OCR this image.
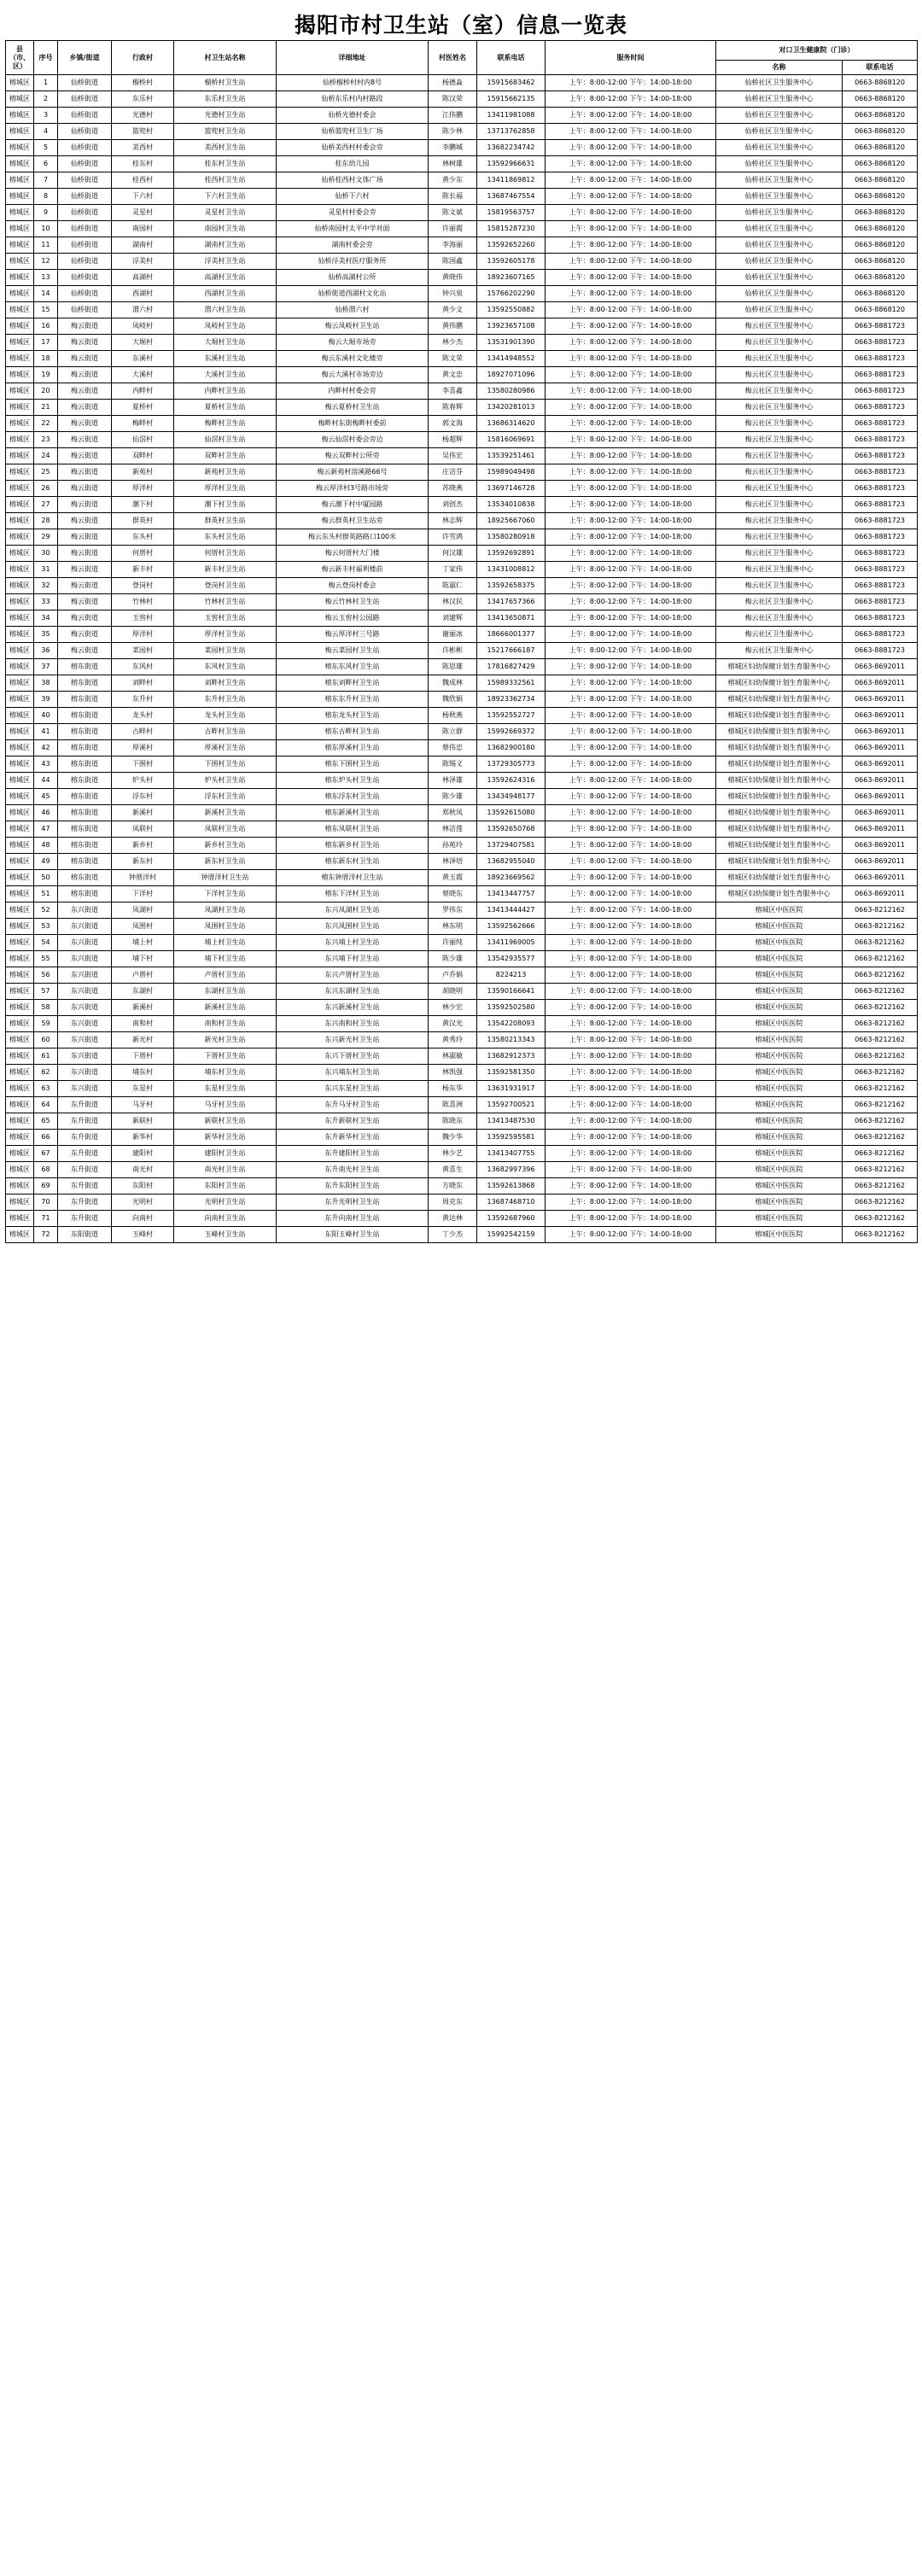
揭阳市村卫生站（室）信息一览表
县（市、区）	序号	乡镇/街道	行政村	村卫生站名称	详细地址	村医姓名	联系电话	服务时间	对口卫生健康院（门诊）	
									名称	联系电话
榕城区	1	仙桥街道	榴桥村	榴桥村卫生站	仙桥榴桥村村内8号	杨德淼	15915683462	上午：8:00-12:00 下午：14:00-18:00	仙桥社区卫生服务中心	0663-8868120
榕城区	2	仙桥街道	东乐村	东乐村卫生站	仙桥东乐村内村路段	陈汉荣	15915662135	上午：8:00-12:00 下午：14:00-18:00	仙桥社区卫生服务中心	0663-8868120
榕城区	3	仙桥街道	光德村	光德村卫生站	仙桥光德村委会	江伟鹏	13411981088	上午：8:00-12:00 下午：14:00-18:00	仙桥社区卫生服务中心	0663-8868120
榕城区	4	仙桥街道	篮兜村	篮兜村卫生站	仙桥篮兜村卫生厂场	陈少林	13713762858	上午：8:00-12:00 下午：14:00-18:00	仙桥社区卫生服务中心	0663-8868120
榕城区	5	仙桥街道	美西村	美西村卫生站	仙桥美西村村委会旁	李鹏城	13682234742	上午：8:00-12:00 下午：14:00-18:00	仙桥社区卫生服务中心	0663-8868120
榕城区	6	仙桥街道	桂东村	桂东村卫生站	桂东幼儿园	林树雄	13592966631	上午：8:00-12:00 下午：14:00-18:00	仙桥社区卫生服务中心	0663-8868120
榕城区	7	仙桥街道	桂西村	桂西村卫生站	仙桥桂西村文体广场	黄少东	13411869812	上午：8:00-12:00 下午：14:00-18:00	仙桥社区卫生服务中心	0663-8868120
榕城区	8	仙桥街道	下六村	下六村卫生站	仙桥下六村	陈长福	13687467554	上午：8:00-12:00 下午：14:00-18:00	仙桥社区卫生服务中心	0663-8868120
榕城区	9	仙桥街道	灵星村	灵星村卫生站	灵星村村委会旁	陈文斌	15819563757	上午：8:00-12:00 下午：14:00-18:00	仙桥社区卫生服务中心	0663-8868120
榕城区	10	仙桥街道	南园村	南园村卫生站	仙桥南园村太平中学对面	许丽霞	15815287230	上午：8:00-12:00 下午：14:00-18:00	仙桥社区卫生服务中心	0663-8868120
榕城区	11	仙桥街道	湖南村	湖南村卫生站	湖南村委会旁	李海丽	13592652260	上午：8:00-12:00 下午：14:00-18:00	仙桥社区卫生服务中心	0663-8868120
榕城区	12	仙桥街道	浮美村	浮美村卫生站	仙桥浮美村医疗服务所	陈国鑫	13592605178	上午：8:00-12:00 下午：14:00-18:00	仙桥社区卫生服务中心	0663-8868120
榕城区	13	仙桥街道	高湖村	高湖村卫生站	仙桥高湖村公所	黄晓伟	18923607165	上午：8:00-12:00 下午：14:00-18:00	仙桥社区卫生服务中心	0663-8868120
榕城区	14	仙桥街道	西湖村	西湖村卫生站	仙桥街道西湖村文化站	钟兴泉	15766202290	上午：8:00-12:00 下午：14:00-18:00	仙桥社区卫生服务中心	0663-8868120
榕城区	15	仙桥街道	渭六村	渭六村卫生站	仙桥渭六村	黄少文	13592550882	上午：8:00-12:00 下午：14:00-18:00	仙桥社区卫生服务中心	0663-8868120
榕城区	16	梅云街道	凤岐村	凤岐村卫生站	梅云凤岐村卫生站	黄伟鹏	13923657108	上午：8:00-12:00 下午：14:00-18:00	梅云社区卫生服务中心	0663-8881723
榕城区	17	梅云街道	大堀村	大堀村卫生站	梅云大堀市场旁	林少杰	13531901390	上午：8:00-12:00 下午：14:00-18:00	梅云社区卫生服务中心	0663-8881723
榕城区	18	梅云街道	东溪村	东溪村卫生站	梅云东溪村文化楼旁	陈文荣	13414948552	上午：8:00-12:00 下午：14:00-18:00	梅云社区卫生服务中心	0663-8881723
榕城区	19	梅云街道	大溪村	大溪村卫生站	梅云大溪村市场旁边	黄文忠	18927071096	上午：8:00-12:00 下午：14:00-18:00	梅云社区卫生服务中心	0663-8881723
榕城区	20	梅云街道	内畔村	内畔村卫生站	内畔村村委会旁	李喜鑫	13580280986	上午：8:00-12:00 下午：14:00-18:00	梅云社区卫生服务中心	0663-8881723
榕城区	21	梅云街道	夏桥村	夏桥村卫生站	梅云夏桥村卫生站	陈春辉	13420281013	上午：8:00-12:00 下午：14:00-18:00	梅云社区卫生服务中心	0663-8881723
榕城区	22	梅云街道	梅畔村	梅畔村卫生站	梅畔村东街梅畔村委前	郭文海	13686314620	上午：8:00-12:00 下午：14:00-18:00	梅云社区卫生服务中心	0663-8881723
榕城区	23	梅云街道	仙滘村	仙滘村卫生站	梅云仙滘村委会旁边	杨超辉	15816069691	上午：8:00-12:00 下午：14:00-18:00	梅云社区卫生服务中心	0663-8881723
榕城区	24	梅云街道	双畔村	双畔村卫生站	梅云双畔村公所旁	吴伟宏	13539251461	上午：8:00-12:00 下午：14:00-18:00	梅云社区卫生服务中心	0663-8881723
榕城区	25	梅云街道	新苑村	新苑村卫生站	梅云新苑村溶溪路66号	庄洁芬	15989049498	上午：8:00-12:00 下午：14:00-18:00	梅云社区卫生服务中心	0663-8881723
榕城区	26	梅云街道	厚洋村	厚洋村卫生站	梅云厚洋村3号路市场旁	苏晓燕	13697146728	上午：8:00-12:00 下午：14:00-18:00	梅云社区卫生服务中心	0663-8881723
榕城区	27	梅云街道	潮下村	潮下村卫生站	梅云潮下村中厦园路	刘创杰	13534010838	上午：8:00-12:00 下午：14:00-18:00	梅云社区卫生服务中心	0663-8881723
榕城区	28	梅云街道	群英村	群英村卫生站	梅云群英村卫生站旁	林志辉	18925667060	上午：8:00-12:00 下午：14:00-18:00	梅云社区卫生服务中心	0663-8881723
榕城区	29	梅云街道	东头村	东头村卫生站	梅云东头村群英路路口100米	许雪鸿	13580280918	上午：8:00-12:00 下午：14:00-18:00	梅云社区卫生服务中心	0663-8881723
榕城区	30	梅云街道	何厝村	何厝村卫生站	梅云何厝村大门楼	何汉雄	13592692891	上午：8:00-12:00 下午：14:00-18:00	梅云社区卫生服务中心	0663-8881723
榕城区	31	梅云街道	新丰村	新丰村卫生站	梅云新丰村福利楼前	丁家伟	13431008812	上午：8:00-12:00 下午：14:00-18:00	梅云社区卫生服务中心	0663-8881723
榕城区	32	梅云街道	登岗村	登岗村卫生站	梅云登岗村委会	陈淑仁	13592658375	上午：8:00-12:00 下午：14:00-18:00	梅云社区卫生服务中心	0663-8881723
榕城区	33	梅云街道	竹林村	竹林村卫生站	梅云竹林村卫生站	林汉民	13417657366	上午：8:00-12:00 下午：14:00-18:00	梅云社区卫生服务中心	0663-8881723
榕城区	34	梅云街道	玉窖村	玉窖村卫生站	梅云玉窖村公园路	刘建辉	13413650871	上午：8:00-12:00 下午：14:00-18:00	梅云社区卫生服务中心	0663-8881723
榕城区	35	梅云街道	厚洋村	厚洋村卫生站	梅云厚洋村三号路	谢丽冰	18666001377	上午：8:00-12:00 下午：14:00-18:00	梅云社区卫生服务中心	0663-8881723
榕城区	36	梅云街道	菜园村	菜园村卫生站	梅云菜园村卫生站	许彬彬	15217666187	上午：8:00-12:00 下午：14:00-18:00	梅云社区卫生服务中心	0663-8881723
榕城区	37	榕东街道	东风村	东风村卫生站	榕东东风村卫生站	陈思雄	17816827429	上午：8:00-12:00 下午：14:00-18:00	榕城区妇幼保健计划生育服务中心	0663-8692011
榕城区	38	榕东街道	刘畔村	刘畔村卫生站	榕东刘畔村卫生站	魏成林	15989332561	上午：8:00-12:00 下午：14:00-18:00	榕城区妇幼保健计划生育服务中心	0663-8692011
榕城区	39	榕东街道	东升村	东升村卫生站	榕东东升村卫生站	魏欣娟	18923362734	上午：8:00-12:00 下午：14:00-18:00	榕城区妇幼保健计划生育服务中心	0663-8692011
榕城区	40	榕东街道	龙头村	龙头村卫生站	榕东龙头村卫生站	杨秋燕	13592552727	上午：8:00-12:00 下午：14:00-18:00	榕城区妇幼保健计划生育服务中心	0663-8692011
榕城区	41	榕东街道	古畔村	古畔村卫生站	榕东古畔村卫生站	陈立群	15992669372	上午：8:00-12:00 下午：14:00-18:00	榕城区妇幼保健计划生育服务中心	0663-8692011
榕城区	42	榕东街道	厚溪村	厚溪村卫生站	榕东厚溪村卫生站	蔡伟忠	13682900180	上午：8:00-12:00 下午：14:00-18:00	榕城区妇幼保健计划生育服务中心	0663-8692011
榕城区	43	榕东街道	下围村	下围村卫生站	榕东下围村卫生站	陈锡义	13729305773	上午：8:00-12:00 下午：14:00-18:00	榕城区妇幼保健计划生育服务中心	0663-8692011
榕城区	44	榕东街道	炉头村	炉头村卫生站	榕东炉头村卫生站	林泽雄	13592624316	上午：8:00-12:00 下午：14:00-18:00	榕城区妇幼保健计划生育服务中心	0663-8692011
榕城区	45	榕东街道	浮东村	浮东村卫生站	榕东浮东村卫生站	陈少雄	13434948177	上午：8:00-12:00 下午：14:00-18:00	榕城区妇幼保健计划生育服务中心	0663-8692011
榕城区	46	榕东街道	新溪村	新溪村卫生站	榕东新溪村卫生站	郑秋凤	13592615080	上午：8:00-12:00 下午：14:00-18:00	榕城区妇幼保健计划生育服务中心	0663-8692011
榕城区	47	榕东街道	凤联村	凤联村卫生站	榕东凤联村卫生站	林洁莲	13592650768	上午：8:00-12:00 下午：14:00-18:00	榕城区妇幼保健计划生育服务中心	0663-8692011
榕城区	48	榕东街道	新乡村	新乡村卫生站	榕东新乡村卫生站	孙苑玲	13729407581	上午：8:00-12:00 下午：14:00-18:00	榕城区妇幼保健计划生育服务中心	0663-8692011
榕城区	49	榕东街道	新东村	新东村卫生站	榕东新东村卫生站	林泽培	13682955040	上午：8:00-12:00 下午：14:00-18:00	榕城区妇幼保健计划生育服务中心	0663-8692011
榕城区	50	榕东街道	钟厝洋村	钟厝洋村卫生站	榕东钟厝洋村卫生站	黄玉霞	18923669562	上午：8:00-12:00 下午：14:00-18:00	榕城区妇幼保健计划生育服务中心	0663-8692011
榕城区	51	榕东街道	下洋村	下洋村卫生站	榕东下洋村卫生站	蔡晓东	13413447757	上午：8:00-12:00 下午：14:00-18:00	榕城区妇幼保健计划生育服务中心	0663-8692011
榕城区	52	东兴街道	凤湖村	凤湖村卫生站	东兴凤湖村卫生站	罗伟东	13413444427	上午：8:00-12:00 下午：14:00-18:00	榕城区中医医院	0663-8212162
榕城区	53	东兴街道	凤围村	凤围村卫生站	东兴凤围村卫生站	林东明	13592562666	上午：8:00-12:00 下午：14:00-18:00	榕城区中医医院	0663-8212162
榕城区	54	东兴街道	埔上村	埔上村卫生站	东兴埔上村卫生站	许丽纯	13411969005	上午：8:00-12:00 下午：14:00-18:00	榕城区中医医院	0663-8212162
榕城区	55	东兴街道	埔下村	埔下村卫生站	东兴埔下村卫生站	陈少雄	13542935577	上午：8:00-12:00 下午：14:00-18:00	榕城区中医医院	0663-8212162
榕城区	56	东兴街道	卢厝村	卢厝村卫生站	东兴卢厝村卫生站	卢乔娟	8224213	上午：8:00-12:00 下午：14:00-18:00	榕城区中医医院	0663-8212162
榕城区	57	东兴街道	东湖村	东湖村卫生站	东兴东湖村卫生站	胡晓明	13590166641	上午：8:00-12:00 下午：14:00-18:00	榕城区中医医院	0663-8212162
榕城区	58	东兴街道	新溪村	新溪村卫生站	东兴新溪村卫生站	林少宏	13592502580	上午：8:00-12:00 下午：14:00-18:00	榕城区中医医院	0663-8212162
榕城区	59	东兴街道	南和村	南和村卫生站	东兴南和村卫生站	黄汉光	13542208093	上午：8:00-12:00 下午：14:00-18:00	榕城区中医医院	0663-8212162
榕城区	60	东兴街道	新光村	新光村卫生站	东兴新光村卫生站	黄秀玲	13580213343	上午：8:00-12:00 下午：14:00-18:00	榕城区中医医院	0663-8212162
榕城区	61	东兴街道	下厝村	下厝村卫生站	东兴下厝村卫生站	林淑敏	13682912373	上午：8:00-12:00 下午：14:00-18:00	榕城区中医医院	0663-8212162
榕城区	62	东兴街道	埔东村	埔东村卫生站	东兴埔东村卫生站	林凯强	13592581350	上午：8:00-12:00 下午：14:00-18:00	榕城区中医医院	0663-8212162
榕城区	63	东兴街道	东星村	东星村卫生站	东兴东星村卫生站	杨东华	13631931917	上午：8:00-12:00 下午：14:00-18:00	榕城区中医医院	0663-8212162
榕城区	64	东升街道	马牙村	马牙村卫生站	东升马牙村卫生站	陈喜洲	13592700521	上午：8:00-12:00 下午：14:00-18:00	榕城区中医医院	0663-8212162
榕城区	65	东升街道	新联村	新联村卫生站	东升新联村卫生站	陈晓东	13413487530	上午：8:00-12:00 下午：14:00-18:00	榕城区中医医院	0663-8212162
榕城区	66	东升街道	新华村	新华村卫生站	东升新华村卫生站	魏少华	13592595581	上午：8:00-12:00 下午：14:00-18:00	榕城区中医医院	0663-8212162
榕城区	67	东升街道	建阳村	建阳村卫生站	东升建阳村卫生站	林少艺	13413407755	上午：8:00-12:00 下午：14:00-18:00	榕城区中医医院	0663-8212162
榕城区	68	东升街道	南光村	南光村卫生站	东升南光村卫生站	黄喜生	13682997396	上午：8:00-12:00 下午：14:00-18:00	榕城区中医医院	0663-8212162
榕城区	69	东升街道	东阳村	东阳村卫生站	东升东阳村卫生站	方晓东	13592613868	上午：8:00-12:00 下午：14:00-18:00	榕城区中医医院	0663-8212162
榕城区	70	东升街道	光明村	光明村卫生站	东升光明村卫生站	周克东	13687468710	上午：8:00-12:00 下午：14:00-18:00	榕城区中医医院	0663-8212162
榕城区	71	东升街道	向南村	向南村卫生站	东升向南村卫生站	黄达林	13592687960	上午：8:00-12:00 下午：14:00-18:00	榕城区中医医院	0663-8212162
榕城区	72	东阳街道	玉峰村	玉峰村卫生站	东阳玉峰村卫生站	丁少杰	15992542159	上午：8:00-12:00 下午：14:00-18:00	榕城区中医医院	0663-8212162
